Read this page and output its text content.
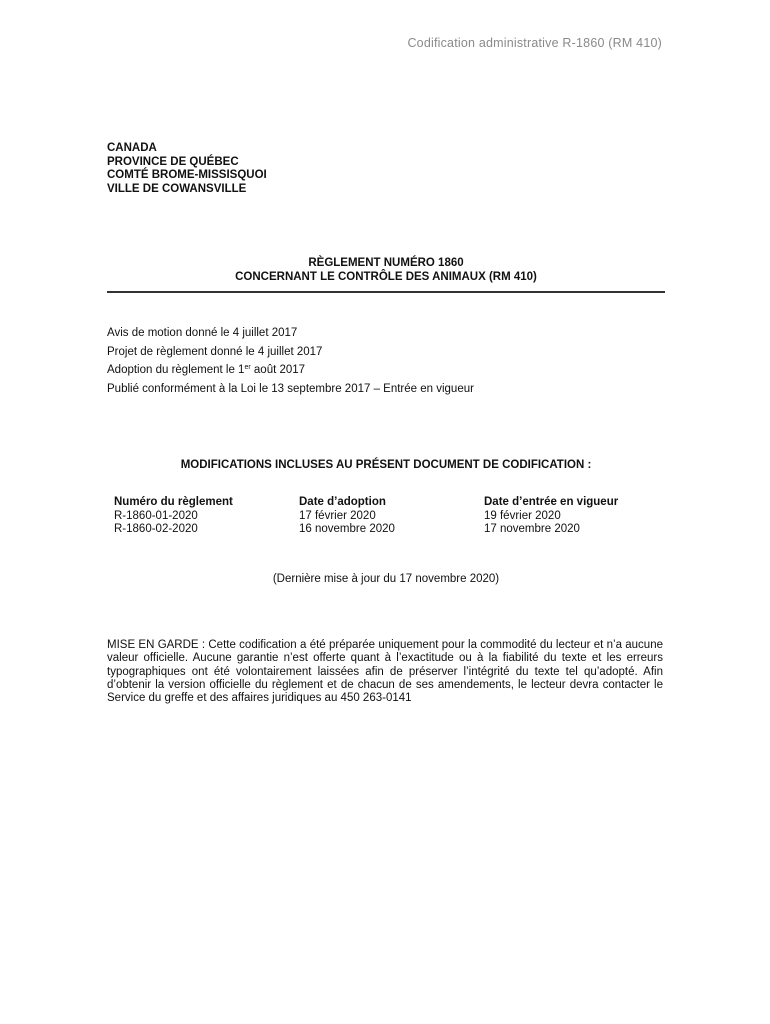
Codification administrative R-1860 (RM 410)
CANADA
PROVINCE DE QUÉBEC
COMTÉ BROME-MISSISQUOI
VILLE DE COWANSVILLE
RÈGLEMENT NUMÉRO 1860
CONCERNANT LE CONTRÔLE DES ANIMAUX (RM 410)
Avis de motion donné le 4 juillet 2017
Projet de règlement donné le 4 juillet 2017
Adoption du règlement le 1er août 2017
Publié conformément à la Loi le 13 septembre 2017 – Entrée en vigueur
MODIFICATIONS INCLUSES AU PRÉSENT DOCUMENT DE CODIFICATION :
Numéro du règlement	Date d’adoption	Date d’entrée en vigueur
R-1860-01-2020	17 février 2020	19 février 2020
R-1860-02-2020	16 novembre 2020	17 novembre 2020
(Dernière mise à jour du 17 novembre 2020)
MISE EN GARDE : Cette codification a été préparée uniquement pour la commodité du lecteur et n’a aucune valeur officielle. Aucune garantie n’est offerte quant à l’exactitude ou à la fiabilité du texte et les erreurs typographiques ont été volontairement laissées afin de préserver l’intégrité du texte tel qu’adopté. Afin d’obtenir la version officielle du règlement et de chacun de ses amendements, le lecteur devra contacter le Service du greffe et des affaires juridiques au 450 263-0141
